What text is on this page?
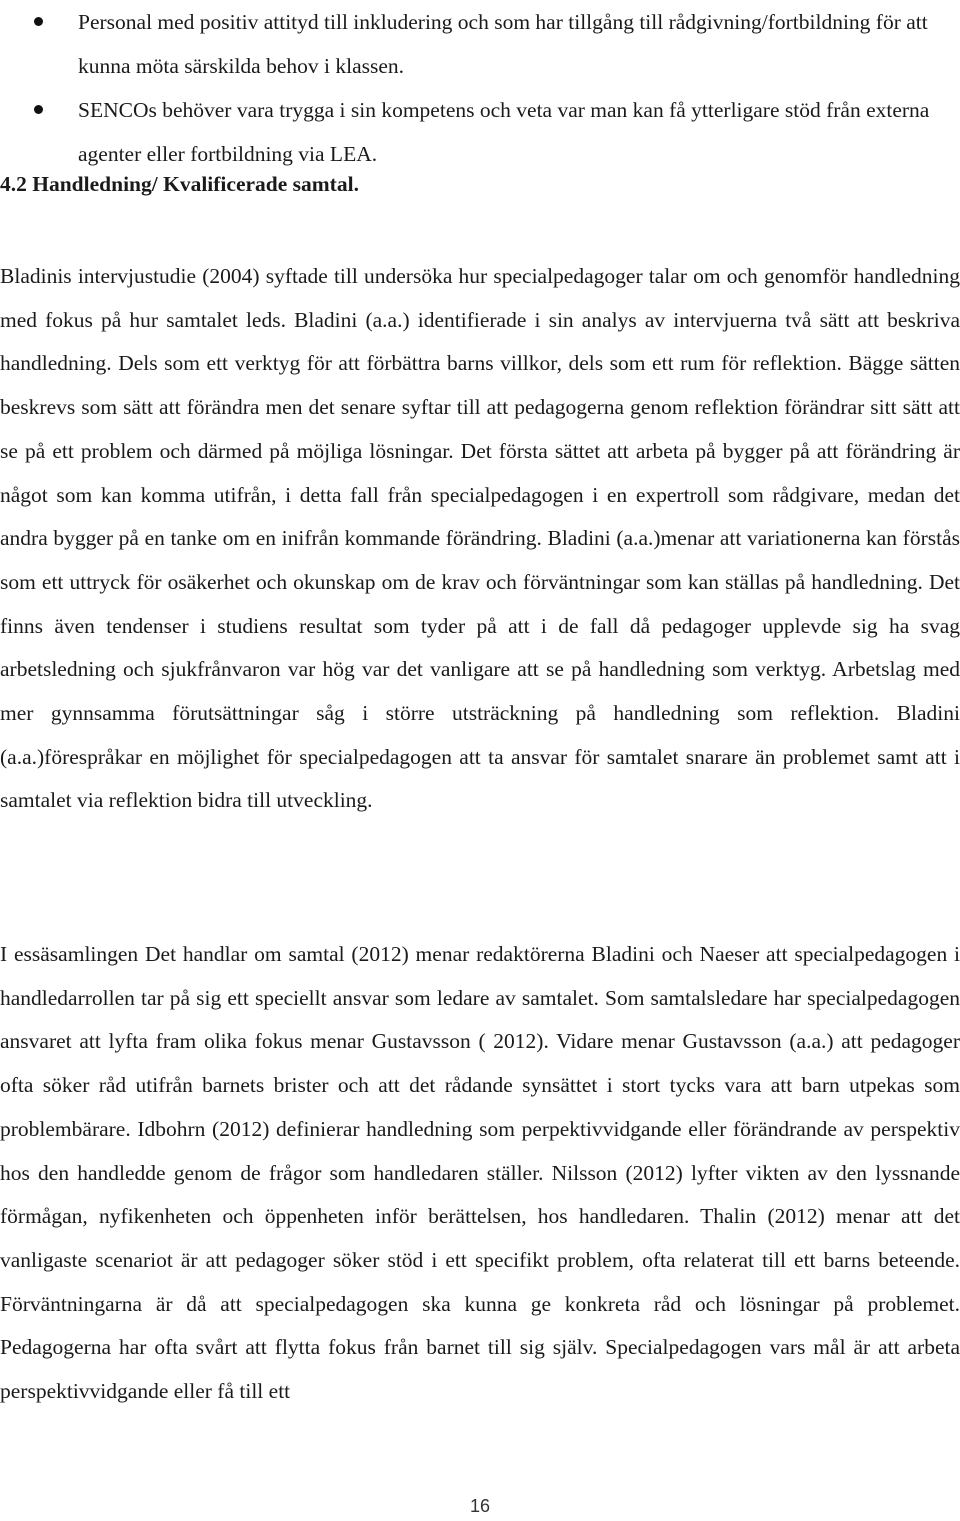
Personal med positiv attityd till inkludering och som har tillgång till rådgivning/fortbildning för att kunna möta särskilda behov i klassen.
SENCOs behöver vara trygga i sin kompetens och veta var man kan få ytterligare stöd från externa agenter eller fortbildning via LEA.
4.2 Handledning/ Kvalificerade samtal.

Bladinis intervjustudie (2004) syftade till undersöka hur specialpedagoger talar om och genomför handledning med fokus på hur samtalet leds. Bladini (a.a.) identifierade i sin analys av intervjuerna två sätt att beskriva handledning. Dels som ett verktyg för att förbättra barns villkor, dels som ett rum för reflektion. Bägge sätten beskrevs som sätt att förändra men det senare syftar till att pedagogerna genom reflektion förändrar sitt sätt att se på ett problem och därmed på möjliga lösningar. Det första sättet att arbeta på bygger på att förändring är något som kan komma utifrån, i detta fall från specialpedagogen i en expertroll som rådgivare, medan det andra bygger på en tanke om en inifrån kommande förändring. Bladini (a.a.)menar att variationerna kan förstås som ett uttryck för osäkerhet och okunskap om de krav och förväntningar som kan ställas på handledning. Det finns även tendenser i studiens resultat som tyder på att i de fall då pedagoger upplevde sig ha svag arbetsledning och sjukfrånvaron var hög var det vanligare att se på handledning som verktyg. Arbetslag med mer gynnsamma förutsättningar såg i större utsträckning på handledning som reflektion. Bladini (a.a.)förespråkar en möjlighet för specialpedagogen att ta ansvar för samtalet snarare än problemet samt att i samtalet via reflektion bidra till utveckling.

I essäsamlingen Det handlar om samtal (2012) menar redaktörerna Bladini och Naeser att specialpedagogen i handledarrollen tar på sig ett speciellt ansvar som ledare av samtalet. Som samtalsledare har specialpedagogen ansvaret att lyfta fram olika fokus menar Gustavsson ( 2012). Vidare menar Gustavsson (a.a.) att pedagoger ofta söker råd utifrån barnets brister och att det rådande synsättet i stort tycks vara att barn utpekas som problembärare. Idbohrn (2012) definierar handledning som perpektivvidgande eller förändrande av perspektiv hos den handledde genom de frågor som handledaren ställer. Nilsson (2012) lyfter vikten av den lyssnande förmågan, nyfikenheten och öppenheten inför berättelsen, hos handledaren. Thalin (2012) menar att det vanligaste scenariot är att pedagoger söker stöd i ett specifikt problem, ofta relaterat till ett barns beteende. Förväntningarna är då att specialpedagogen ska kunna ge konkreta råd och lösningar på problemet. Pedagogerna har ofta svårt att flytta fokus från barnet till sig själv. Specialpedagogen vars mål är att arbeta perspektivvidgande eller få till ett

16
